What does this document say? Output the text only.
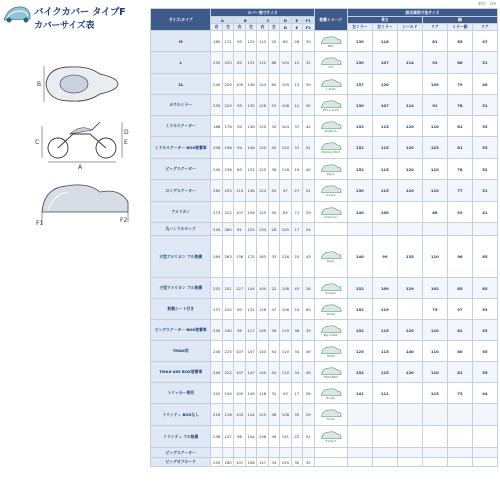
単位：cm
バイクカバー タイプF
カバーサイズ表
B
A
D
E
C
F1	F2
サイズ/タイプ	カバー実寸サイズ									装着イメージ	該当車両寸法サイズ					
	A		B		C		D	E	F1		長さ			幅		
	右	左	右	左	右	左	D	E	F2		左ミラー	左ミラー	シールド	リア	ミラー側	リア
M	180	171	95	125	113	25	65	28	20	M65	139	116		81	85	47
L	230	220	85	131	112	68	100	12	31	L70	139	107	114	92	86	51
2L	240	220	105	146	124	60	105	13	30	L 2L20	157	120		109	79	40
カウルミラー	235	220	95	135	128	53	108	12	55	EF1-L-2L20	139	107	114	92	78	51
ミドルスクーター	188	176	94	146	120	32	104	37	42	Middle-S	152	115	120	110	81	53
ミドルスクーター BOX装着車	208	196	94	146	120	45	120	37	51	Middle-S BOX	152	115	120	123	81	53
ビッグスクーター	240	236	85	132	125	38	118	19	40	Big-S	152	115	120	110	78	52
ロングスクーター	260	255	110	146	124	54	97	27	51	Long-S	139	115	120	110	77	51
アメリカン	273	222	107	156	125	50	85	71	29	American	140	100		88	92	41
丸ハンドルロック	240	260	81	125	134	26	105	17	24							
大型アメリカン フル装備	284	263	136	175	163	33	126	25	43	Big-A	140	99	135	110	96	65
小型アメリカン フル装備	252	251	127	144	100	22	108	45	26	Small-A	152	109	129	102	85	63
前割シート付き	237	220	90	132	128	47	108	24	65	Sheet	152	119		75	97	53
ビッグスクーター BOX装着車	230	240	99	117	109	56	119	36	39	Big-S BOX	152	115	120	110	82	53
TMAX用	240	225	107	147	140	54	110	34	49	TMAX	125	115	140	110	80	55
TMAX-485 BOX装着車	240	222	107	147	140	54	110	34	49	TMAX-BOX	152	115	120	110	81	55
トリッカー専用	222	194	105	149	118	31	93	17	28	Tricker	141	111		115	73	44
トリシティ BOXなし	216	216	100	144	125	46	108	35	29	Tricity						

トリシティ フル装備	236	247	98	144	136	49	141	22	51	Tricity-F						

ビッグスクーター																
ビッグオフロード	255	180	101	156	147	34	155	30	35							
